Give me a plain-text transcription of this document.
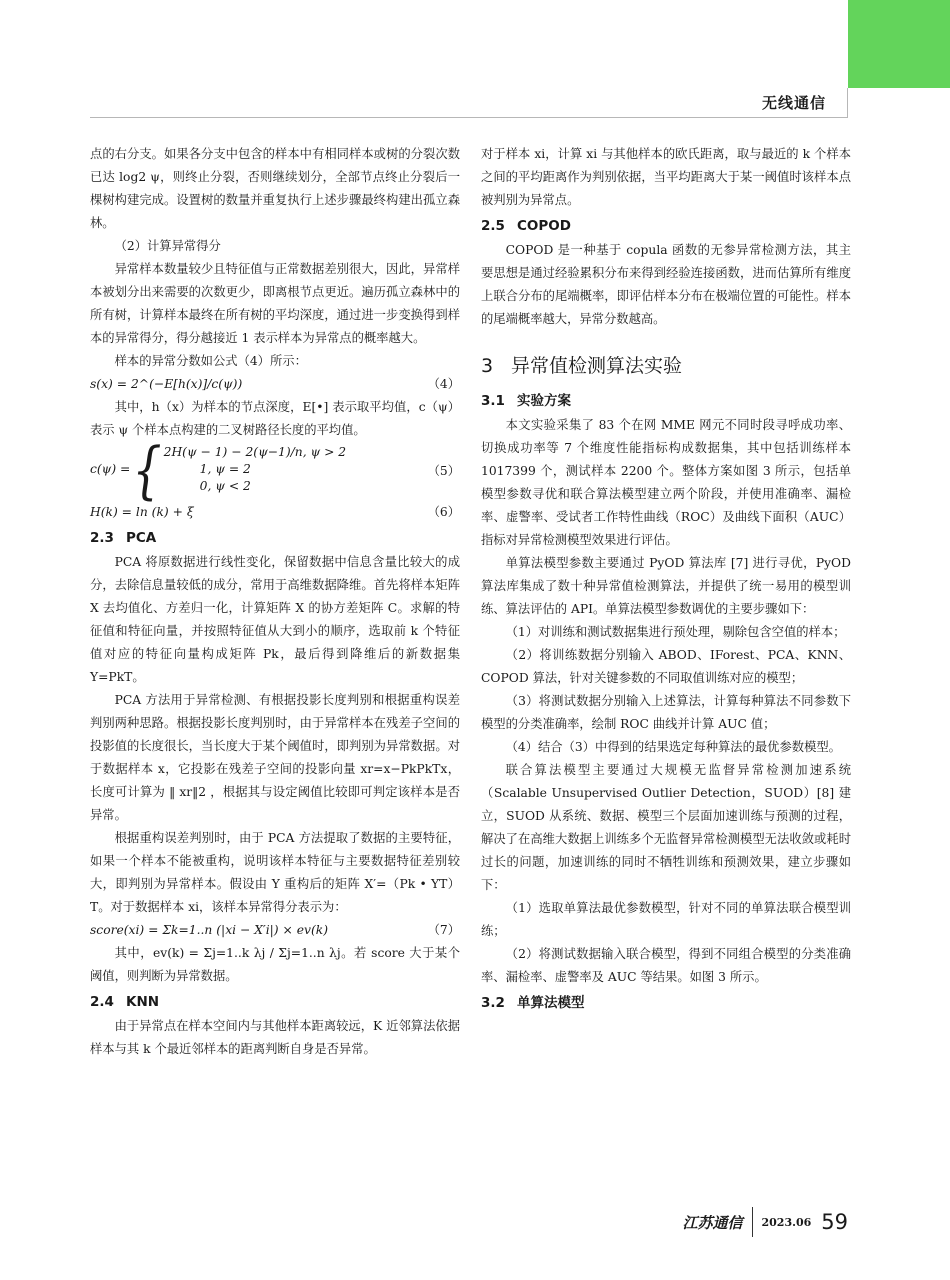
无线通信

点的右分支。如果各分支中包含的样本中有相同样本或树的分裂次数已达 log2 ψ，则终止分裂，否则继续划分，全部节点终止分裂后一棵树构建完成。设置树的数量并重复执行上述步骤最终构建出孤立森林。

（2）计算异常得分

异常样本数量较少且特征值与正常数据差别很大，因此，异常样本被划分出来需要的次数更少，即离根节点更近。遍历孤立森林中的所有树，计算样本最终在所有树的平均深度，通过进一步变换得到样本的异常得分，得分越接近 1 表示样本为异常点的概率越大。

样本的异常分数如公式（4）所示：

s(x) = 2^(−E[h(x)]/c(ψ))	（4）

其中，h（x）为样本的节点深度，E[•] 表示取平均值，c（ψ）表示 ψ 个样本点构建的二叉树路径长度的平均值。

c(ψ) = { 2H(ψ − 1) − 2(ψ−1)/n, ψ > 2
1, ψ = 2
0, ψ < 2
（5）
H(k) = ln (k) + ξ	（6）
2.3 PCA

PCA 将原数据进行线性变化，保留数据中信息含量比较大的成分，去除信息量较低的成分，常用于高维数据降维。首先将样本矩阵 X 去均值化、方差归一化，计算矩阵 X 的协方差矩阵 C。求解的特征值和特征向量，并按照特征值从大到小的顺序，选取前 k 个特征值对应的特征向量构成矩阵 Pk，最后得到降维后的新数据集 Y=PkT。

PCA 方法用于异常检测、有根据投影长度判别和根据重构误差判别两种思路。根据投影长度判别时，由于异常样本在残差子空间的投影值的长度很长，当长度大于某个阈值时，即判别为异常数据。对于数据样本 x，它投影在残差子空间的投影向量 xr=x−PkPkTx，长度可计算为 ‖ xr‖2 ，根据其与设定阈值比较即可判定该样本是否异常。

根据重构误差判别时，由于 PCA 方法提取了数据的主要特征，如果一个样本不能被重构，说明该样本特征与主要数据特征差别较大，即判别为异常样本。假设由 Y 重构后的矩阵 X′=（Pk • YT）T。对于数据样本 xi，该样本异常得分表示为：

score(xi) = Σk=1..n (|xi − X′i|) × ev(k)	（7）

其中，ev(k) = Σj=1..k λj / Σj=1..n λj。若 score 大于某个阈值，则判断为异常数据。

2.4 KNN

由于异常点在样本空间内与其他样本距离较远，K 近邻算法依据样本与其 k 个最近邻样本的距离判断自身是否异常。

对于样本 xi，计算 xi 与其他样本的欧氏距离，取与最近的 k 个样本之间的平均距离作为判别依据，当平均距离大于某一阈值时该样本点被判别为异常点。

2.5 COPOD

COPOD 是一种基于 copula 函数的无参异常检测方法，其主要思想是通过经验累积分布来得到经验连接函数，进而估算所有维度上联合分布的尾端概率，即评估样本分布在极端位置的可能性。样本的尾端概率越大，异常分数越高。

3 异常值检测算法实验
3.1 实验方案

本文实验采集了 83 个在网 MME 网元不同时段寻呼成功率、切换成功率等 7 个维度性能指标构成数据集，其中包括训练样本 1017399 个，测试样本 2200 个。整体方案如图 3 所示，包括单模型参数寻优和联合算法模型建立两个阶段，并使用准确率、漏检率、虚警率、受试者工作特性曲线（ROC）及曲线下面积（AUC）指标对异常检测模型效果进行评估。

单算法模型参数主要通过 PyOD 算法库 [7] 进行寻优，PyOD 算法库集成了数十种异常值检测算法，并提供了统一易用的模型训练、算法评估的 API。单算法模型参数调优的主要步骤如下：

（1）对训练和测试数据集进行预处理，剔除包含空值的样本；

（2）将训练数据分别输入 ABOD、IForest、PCA、KNN、COPOD 算法，针对关键参数的不同取值训练对应的模型；

（3）将测试数据分别输入上述算法，计算每种算法不同参数下模型的分类准确率，绘制 ROC 曲线并计算 AUC 值；

（4）结合（3）中得到的结果选定每种算法的最优参数模型。

联合算法模型主要通过大规模无监督异常检测加速系统（Scalable Unsupervised Outlier Detection，SUOD）[8] 建立，SUOD 从系统、数据、模型三个层面加速训练与预测的过程，解决了在高维大数据上训练多个无监督异常检测模型无法收敛或耗时过长的问题，加速训练的同时不牺牲训练和预测效果，建立步骤如下：

（1）选取单算法最优参数模型，针对不同的单算法联合模型训练；

（2）将测试数据输入联合模型，得到不同组合模型的分类准确率、漏检率、虚警率及 AUC 等结果。如图 3 所示。

3.2 单算法模型
江苏通信 2023.06 59
